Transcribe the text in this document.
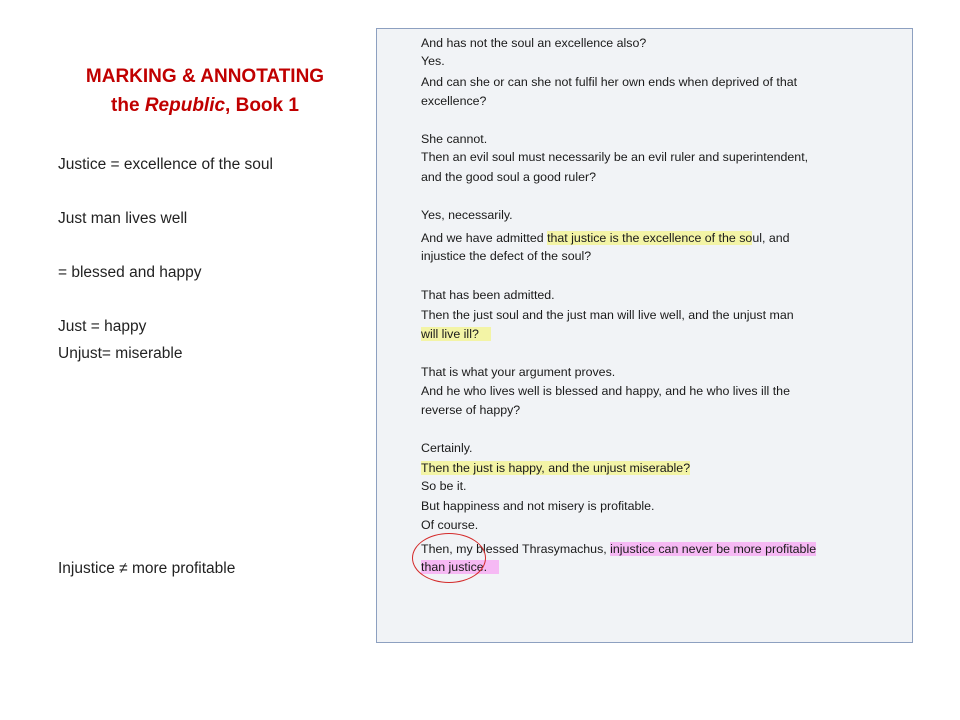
MARKING & ANNOTATING
the Republic, Book 1
Justice = excellence of the soul
Just man lives well
= blessed and happy
Just = happy
Unjust= miserable
Injustice ≠ more profitable
And has not the soul an excellence also?
Yes.
And can she or can she not fulfil her own ends when deprived of that
excellence?
She cannot.
Then an evil soul must necessarily be an evil ruler and superintendent,
and the good soul a good ruler?
Yes, necessarily.
And we have admitted that justice is the excellence of the soul, and
injustice the defect of the soul?
That has been admitted.
Then the just soul and the just man will live well, and the unjust man
will live ill?
That is what your argument proves.
And he who lives well is blessed and happy, and he who lives ill the
reverse of happy?
Certainly.
Then the just is happy, and the unjust miserable?
So be it.
But happiness and not misery is profitable.
Of course.
Then, my blessed Thrasymachus, injustice can never be more profitable
than justice.
